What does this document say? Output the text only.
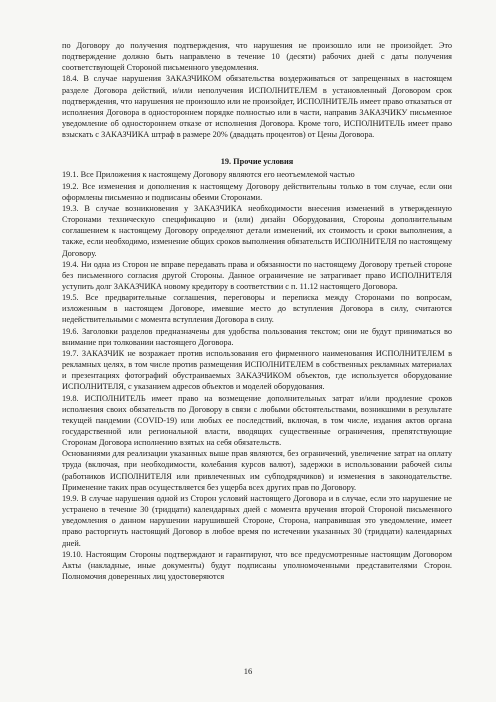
по Договору до получения подтверждения, что нарушения не произошло или не произойдет. Это подтверждение должно быть направлено в течение 10 (десяти) рабочих дней с даты получения соответствующей Стороной письменного уведомления.

18.4. В случае нарушения ЗАКАЗЧИКОМ обязательства воздерживаться от запрещенных в настоящем разделе Договора действий, и/или неполучения ИСПОЛНИТЕЛЕМ в установленный Договором срок подтверждения, что нарушения не произошло или не произойдет, ИСПОЛНИТЕЛЬ имеет право отказаться от исполнения Договора в одностороннем порядке полностью или в части, направив ЗАКАЗЧИКУ письменное уведомление об одностороннем отказе от исполнения Договора. Кроме того, ИСПОЛНИТЕЛЬ имеет право взыскать с ЗАКАЗЧИКА штраф в размере 20% (двадцать процентов) от Цены Договора.

19. Прочие условия

19.1. Все Приложения к настоящему Договору являются его неотъемлемой частью

19.2. Все изменения и дополнения к настоящему Договору действительны только в том случае, если они оформлены письменно и подписаны обеими Сторонами.

19.3. В случае возникновения у ЗАКАЗЧИКА необходимости внесения изменений в утвержденную Сторонами техническую спецификацию и (или) дизайн Оборудования, Стороны дополнительным соглашением к настоящему Договору определяют детали изменений, их стоимость и сроки выполнения, а также, если необходимо, изменение общих сроков выполнения обязательств ИСПОЛНИТЕЛЯ по настоящему Договору.

19.4. Ни одна из Сторон не вправе передавать права и обязанности по настоящему Договору третьей стороне без письменного согласия другой Стороны. Данное ограничение не затрагивает право ИСПОЛНИТЕЛЯ уступить долг ЗАКАЗЧИКА новому кредитору в соответствии с п. 11.12 настоящего Договора.

19.5. Все предварительные соглашения, переговоры и переписка между Сторонами по вопросам, изложенным в настоящем Договоре, имевшие место до вступления Договора в силу, считаются недействительными с момента вступления Договора в силу.

19.6. Заголовки разделов предназначены для удобства пользования текстом; они не будут приниматься во внимание при толковании настоящего Договора.

19.7. ЗАКАЗЧИК не возражает против использования его фирменного наименования ИСПОЛНИТЕЛЕМ в рекламных целях, в том числе против размещения ИСПОЛНИТЕЛЕМ в собственных рекламных материалах и презентациях фотографий обустраиваемых ЗАКАЗЧИКОМ объектов, где используется оборудование ИСПОЛНИТЕЛЯ, с указанием адресов объектов и моделей оборудования.

19.8. ИСПОЛНИТЕЛЬ имеет право на возмещение дополнительных затрат и/или продление сроков исполнения своих обязательств по Договору в связи с любыми обстоятельствами, возникшими в результате текущей пандемии (COVID-19) или любых ее последствий, включая, в том числе, издания актов органа государственной или региональной власти, вводящих существенные ограничения, препятствующие Сторонам Договора исполнению взятых на себя обязательств.

Основаниями для реализации указанных выше прав являются, без ограничений, увеличение затрат на оплату труда (включая, при необходимости, колебания курсов валют), задержки в использовании рабочей силы (работников ИСПОЛНИТЕЛЯ или привлеченных им субподрядчиков) и изменения в законодательстве. Применение таких прав осуществляется без ущерба всех других прав по Договору.

19.9. В случае нарушения одной из Сторон условий настоящего Договора и в случае, если это нарушение не устранено в течение 30 (тридцати) календарных дней с момента вручения второй Стороной письменного уведомления о данном нарушении нарушившей Стороне, Сторона, направившая это уведомление, имеет право расторгнуть настоящий Договор в любое время по истечении указанных 30 (тридцати) календарных дней.

19.10. Настоящим Стороны подтверждают и гарантируют, что все предусмотренные настоящим Договором Акты (накладные, иные документы) будут подписаны уполномоченными представителями Сторон. Полномочия доверенных лиц удостоверяются

16
